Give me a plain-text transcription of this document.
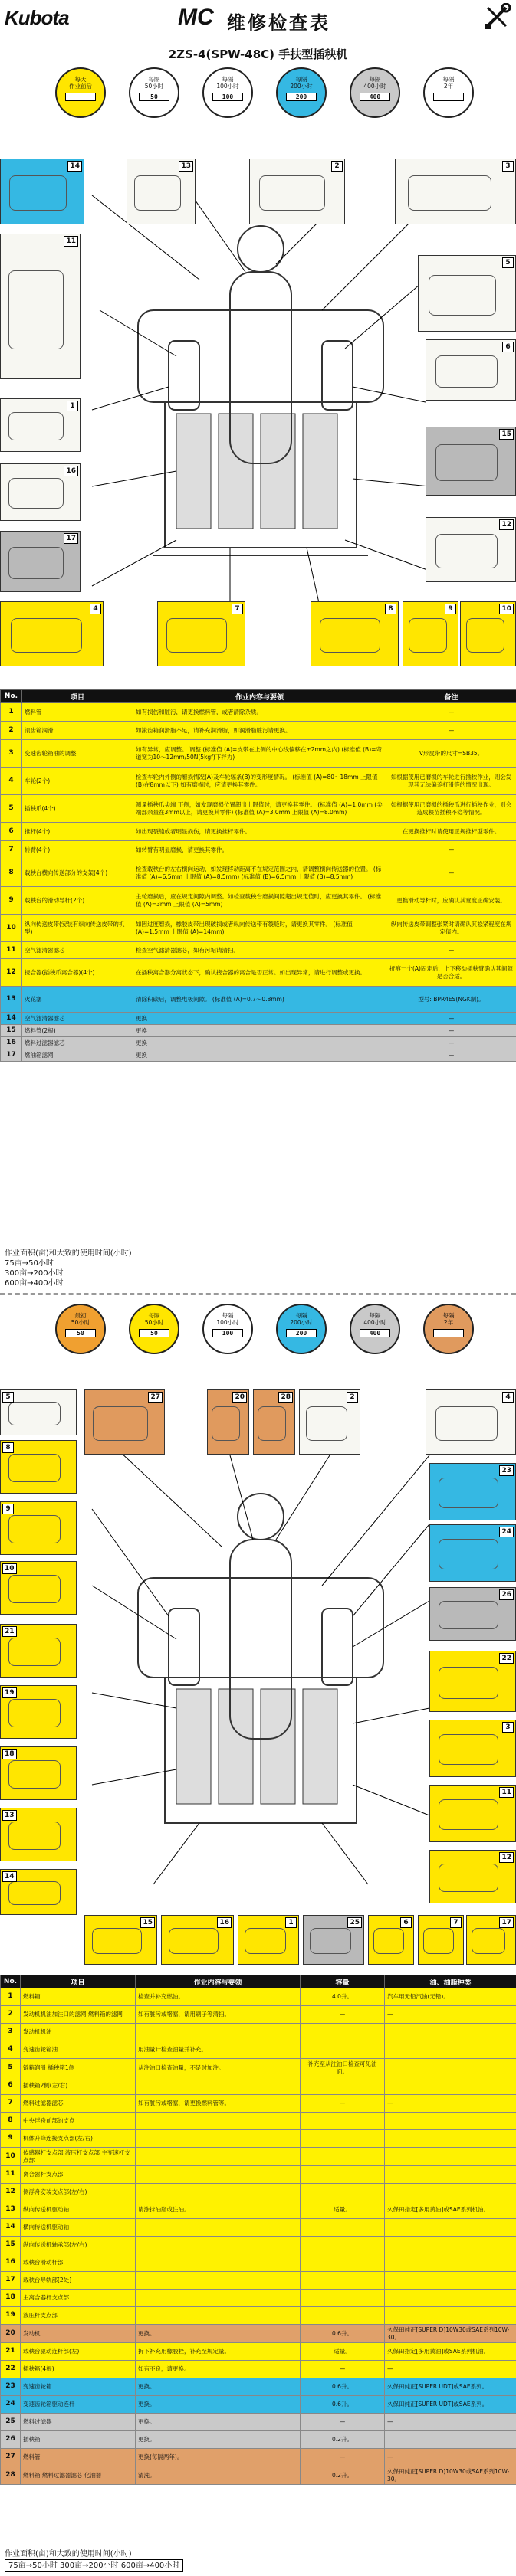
Kubota	MC 维修检查表
2ZS-4(SPW-48C) 手扶型插秧机
每天
作业前后
每隔
50小时
50
每隔
100小时
100
每隔
200小时
200
每隔
400小时
400
每隔
2年
14	13	2	3
11
5
6
15
1
16
12
17
4	7	8	9	10
No.	项目	作业内容与要领	备注
1	燃料管	如有损伤和脏污，请更换燃料管，或者清除杂质。	—
2	滚齿箱润滑	如滚齿箱润滑脂不足，请补充润滑脂，如润滑脂脏污请更换。	—
3	变速齿轮箱油的调整	如有异常，应调整。 调整 (标准值 (A)=皮带在上侧的中心线偏移在±2mm之内) (标准值 (B)=弯道宽为10～12mm/50N(5kgf)下拌力)	V形皮带的尺寸=SB35。
4	车轮(2个)	检查车轮内外侧的磨损情况(A)及车轮辐条(B)的变形度情况。 (标准值 (A)=80～18mm 上限值 (B)在8mm以下) 如有磨损时，应请更换其零件。	如根据使用已磨损的车轮进行插秧作业，则会发现其无法偏差打滑等的情况出现。
5	插秧爪(4个)	测量插秧爪尖端 下侧，如发现磨损位置超出上限值时，请更换其零件。 (标准值 (A)=1.0mm (尖端部余量在3mm以上，请更换其零件) (标准值 (A)=3.0mm 上限值 (A)=8.0mm)	如根据使用已磨损的插秧爪进行插秧作业，则会造成秧苗插秧不稳等情况。
6	推杆(4个)	如出现裂缝或者明显损伤，请更换推杆零件。	在更换推杆时请使用正规推杆型零件。
7	转臂(4个)	如转臂有明显磨损，请更换其零件。	—
8	载秧台横向传送部分的支架(4个)	检查载秧台的左右横向运动，如发现移动距离不在规定范围之内，请调整横向传送器的位置。 (标准值 (A)=6.5mm 上限值 (A)=8.5mm) (标准值 (B)=6.5mm 上限值 (B)=8.5mm)	—
9	载秧台的滑动导杆(2个)	主轮磨损后，应在规定间隙内调整。如检查载秧台磨损间隙超出规定值时，应更换其零件。 (标准值 (A)=3mm 上限值 (A)=5mm)	更换滑动导杆时，应确认其宽度正确安装。
10	纵向传送皮带(安装有纵向传送皮带的机型)	如因过度磨损，橡胶皮带出现破损或者纵向传送带有裂缝时，请更换其零件。 (标准值 (A)=1.5mm 上限值 (A)=14mm)	纵向传送皮带调整张紧时请确认其松紧程度在规定值内。
11	空气滤清器滤芯	检查空气滤清器滤芯，如有污垢请清扫。	—
12	接合器(插秧爪离合器)(4个)	在插秧离合器分离状态下，确认接合器的离合是否正常。如出现异常，请进行调整或更换。	折痕一个(A)固定后，上下移动插秧臂确认其间隙是否合适。
13	火花塞	清除积碳后，调整电极间隙。 (标准值 (A)=0.7～0.8mm)	型号: BPR4ES(NGK制)。
14	空气滤清器滤芯	更换	—
15	燃料管(2根)	更换	—
16	燃料过滤器滤芯	更换	—
17	燃油箱滤网	更换	—
作业面积(亩)和大致的使用时间(小时)
75亩→50小时
300亩→200小时
600亩→400小时
最初
50小时
50
每隔
50小时
50
每隔
100小时
100
每隔
200小时
200
每隔
400小时
400
每隔
2年
27	20	28	2	4
5
8
23
9
24
10
26
21
19
22
18
3
11
12
13
14
15	16	1	25	6	7	17
No.	项目	作业内容与要领	容量	油、油脂种类
1	燃料箱	检查并补充燃油。	4.0升。	汽车用无铅汽油(无铅)。
2	发动机机油加注口的滤网 燃料箱的滤网	如有脏污或堵塞，请用刷子等清扫。	—	—
3	发动机机油			
4	变速齿轮箱油	用油量计检查油量并补充。		
5	链箱润滑 插秧箱1侧	从注油口检查油量，不足时加注。	补充至从注油口检查可见油面。	
6	插秧箱2侧(左/右)			
7	燃料过滤器滤芯	如有脏污或堵塞，请更换燃料管等。	—	—
8	中央浮舟前部的支点			
9	机体升降连接支点部(左/右)			
10	传感器杆支点部 液压杆支点部 主变速杆支点部			
11	离合器杆支点部			
12	侧浮舟安装支点部(左/右)			
13	纵向传送机驱动轴	请涂抹油脂或注油。	适量。	久保田指定[多用黄油]或SAE系列机油。
14	横向传送机驱动轴			
15	纵向传送机轴承部(左/右)			
16	载秧台滑动杆部			
17	载秧台导轨部[2处]			
18	主离合器杆支点部			
19	液压杆支点部			
20	发动机	更换。	0.6升。	久保田纯正[SUPER D]10W30或SAE系列10W-30。
21	载秧台驱动连杆部(左)	拆下补充用橡胶栓，补充至规定量。	适量。	久保田指定[多用黄油]或SAE系列机油。
22	插秧箱(4根)	如有不良，请更换。	—	—
23	变速齿轮箱	更换。	0.6升。	久保田纯正[SUPER UDT]或SAE系列。
24	变速齿轮箱驱动连杆	更换。	0.6升。	久保田纯正[SUPER UDT]或SAE系列。
25	燃料过滤器	更换。	—	—
26	插秧箱	更换。	0.2升。	
27	燃料管	更换(每隔两年)。	—	—
28	燃料箱 燃料过滤器滤芯 化油器	清洗。	0.2升。	久保田纯正[SUPER D]10W30或SAE系列10W-30。
作业面积(亩)和大致的使用时间(小时)
75亩→50小时 300亩→200小时 600亩→400小时
